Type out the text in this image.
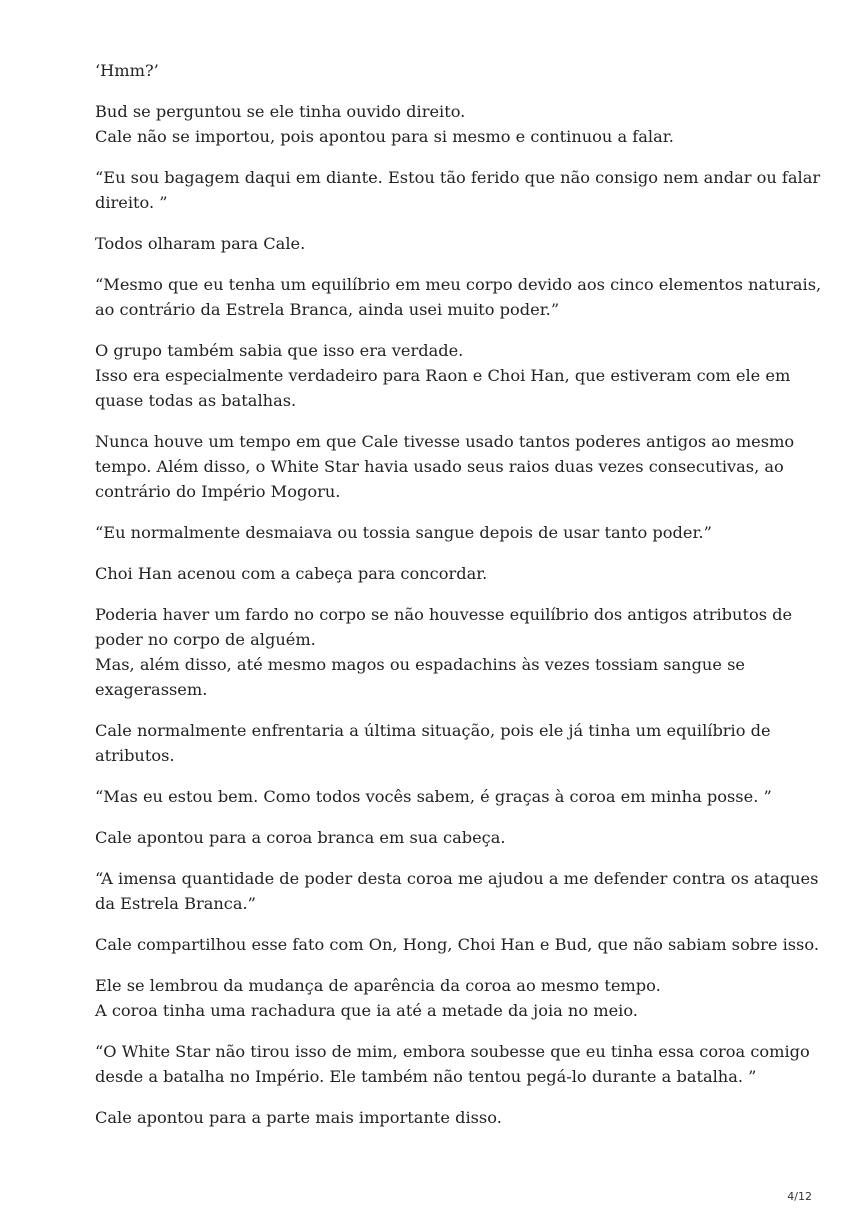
‘Hmm?’
Bud se perguntou se ele tinha ouvido direito.
Cale não se importou, pois apontou para si mesmo e continuou a falar.
“Eu sou bagagem daqui em diante. Estou tão ferido que não consigo nem andar ou falar
direito. ”
Todos olharam para Cale.
“Mesmo que eu tenha um equilíbrio em meu corpo devido aos cinco elementos naturais,
ao contrário da Estrela Branca, ainda usei muito poder.”
O grupo também sabia que isso era verdade.
Isso era especialmente verdadeiro para Raon e Choi Han, que estiveram com ele em
quase todas as batalhas.
Nunca houve um tempo em que Cale tivesse usado tantos poderes antigos ao mesmo
tempo. Além disso, o White Star havia usado seus raios duas vezes consecutivas, ao
contrário do Império Mogoru.
“Eu normalmente desmaiava ou tossia sangue depois de usar tanto poder.”
Choi Han acenou com a cabeça para concordar.
Poderia haver um fardo no corpo se não houvesse equilíbrio dos antigos atributos de
poder no corpo de alguém.
Mas, além disso, até mesmo magos ou espadachins às vezes tossiam sangue se
exagerassem.
Cale normalmente enfrentaria a última situação, pois ele já tinha um equilíbrio de
atributos.
“Mas eu estou bem. Como todos vocês sabem, é graças à coroa em minha posse. ”
Cale apontou para a coroa branca em sua cabeça.
“A imensa quantidade de poder desta coroa me ajudou a me defender contra os ataques
da Estrela Branca.”
Cale compartilhou esse fato com On, Hong, Choi Han e Bud, que não sabiam sobre isso.
Ele se lembrou da mudança de aparência da coroa ao mesmo tempo.
A coroa tinha uma rachadura que ia até a metade da joia no meio.
“O White Star não tirou isso de mim, embora soubesse que eu tinha essa coroa comigo
desde a batalha no Império. Ele também não tentou pegá-lo durante a batalha. ”
Cale apontou para a parte mais importante disso.
4/12
